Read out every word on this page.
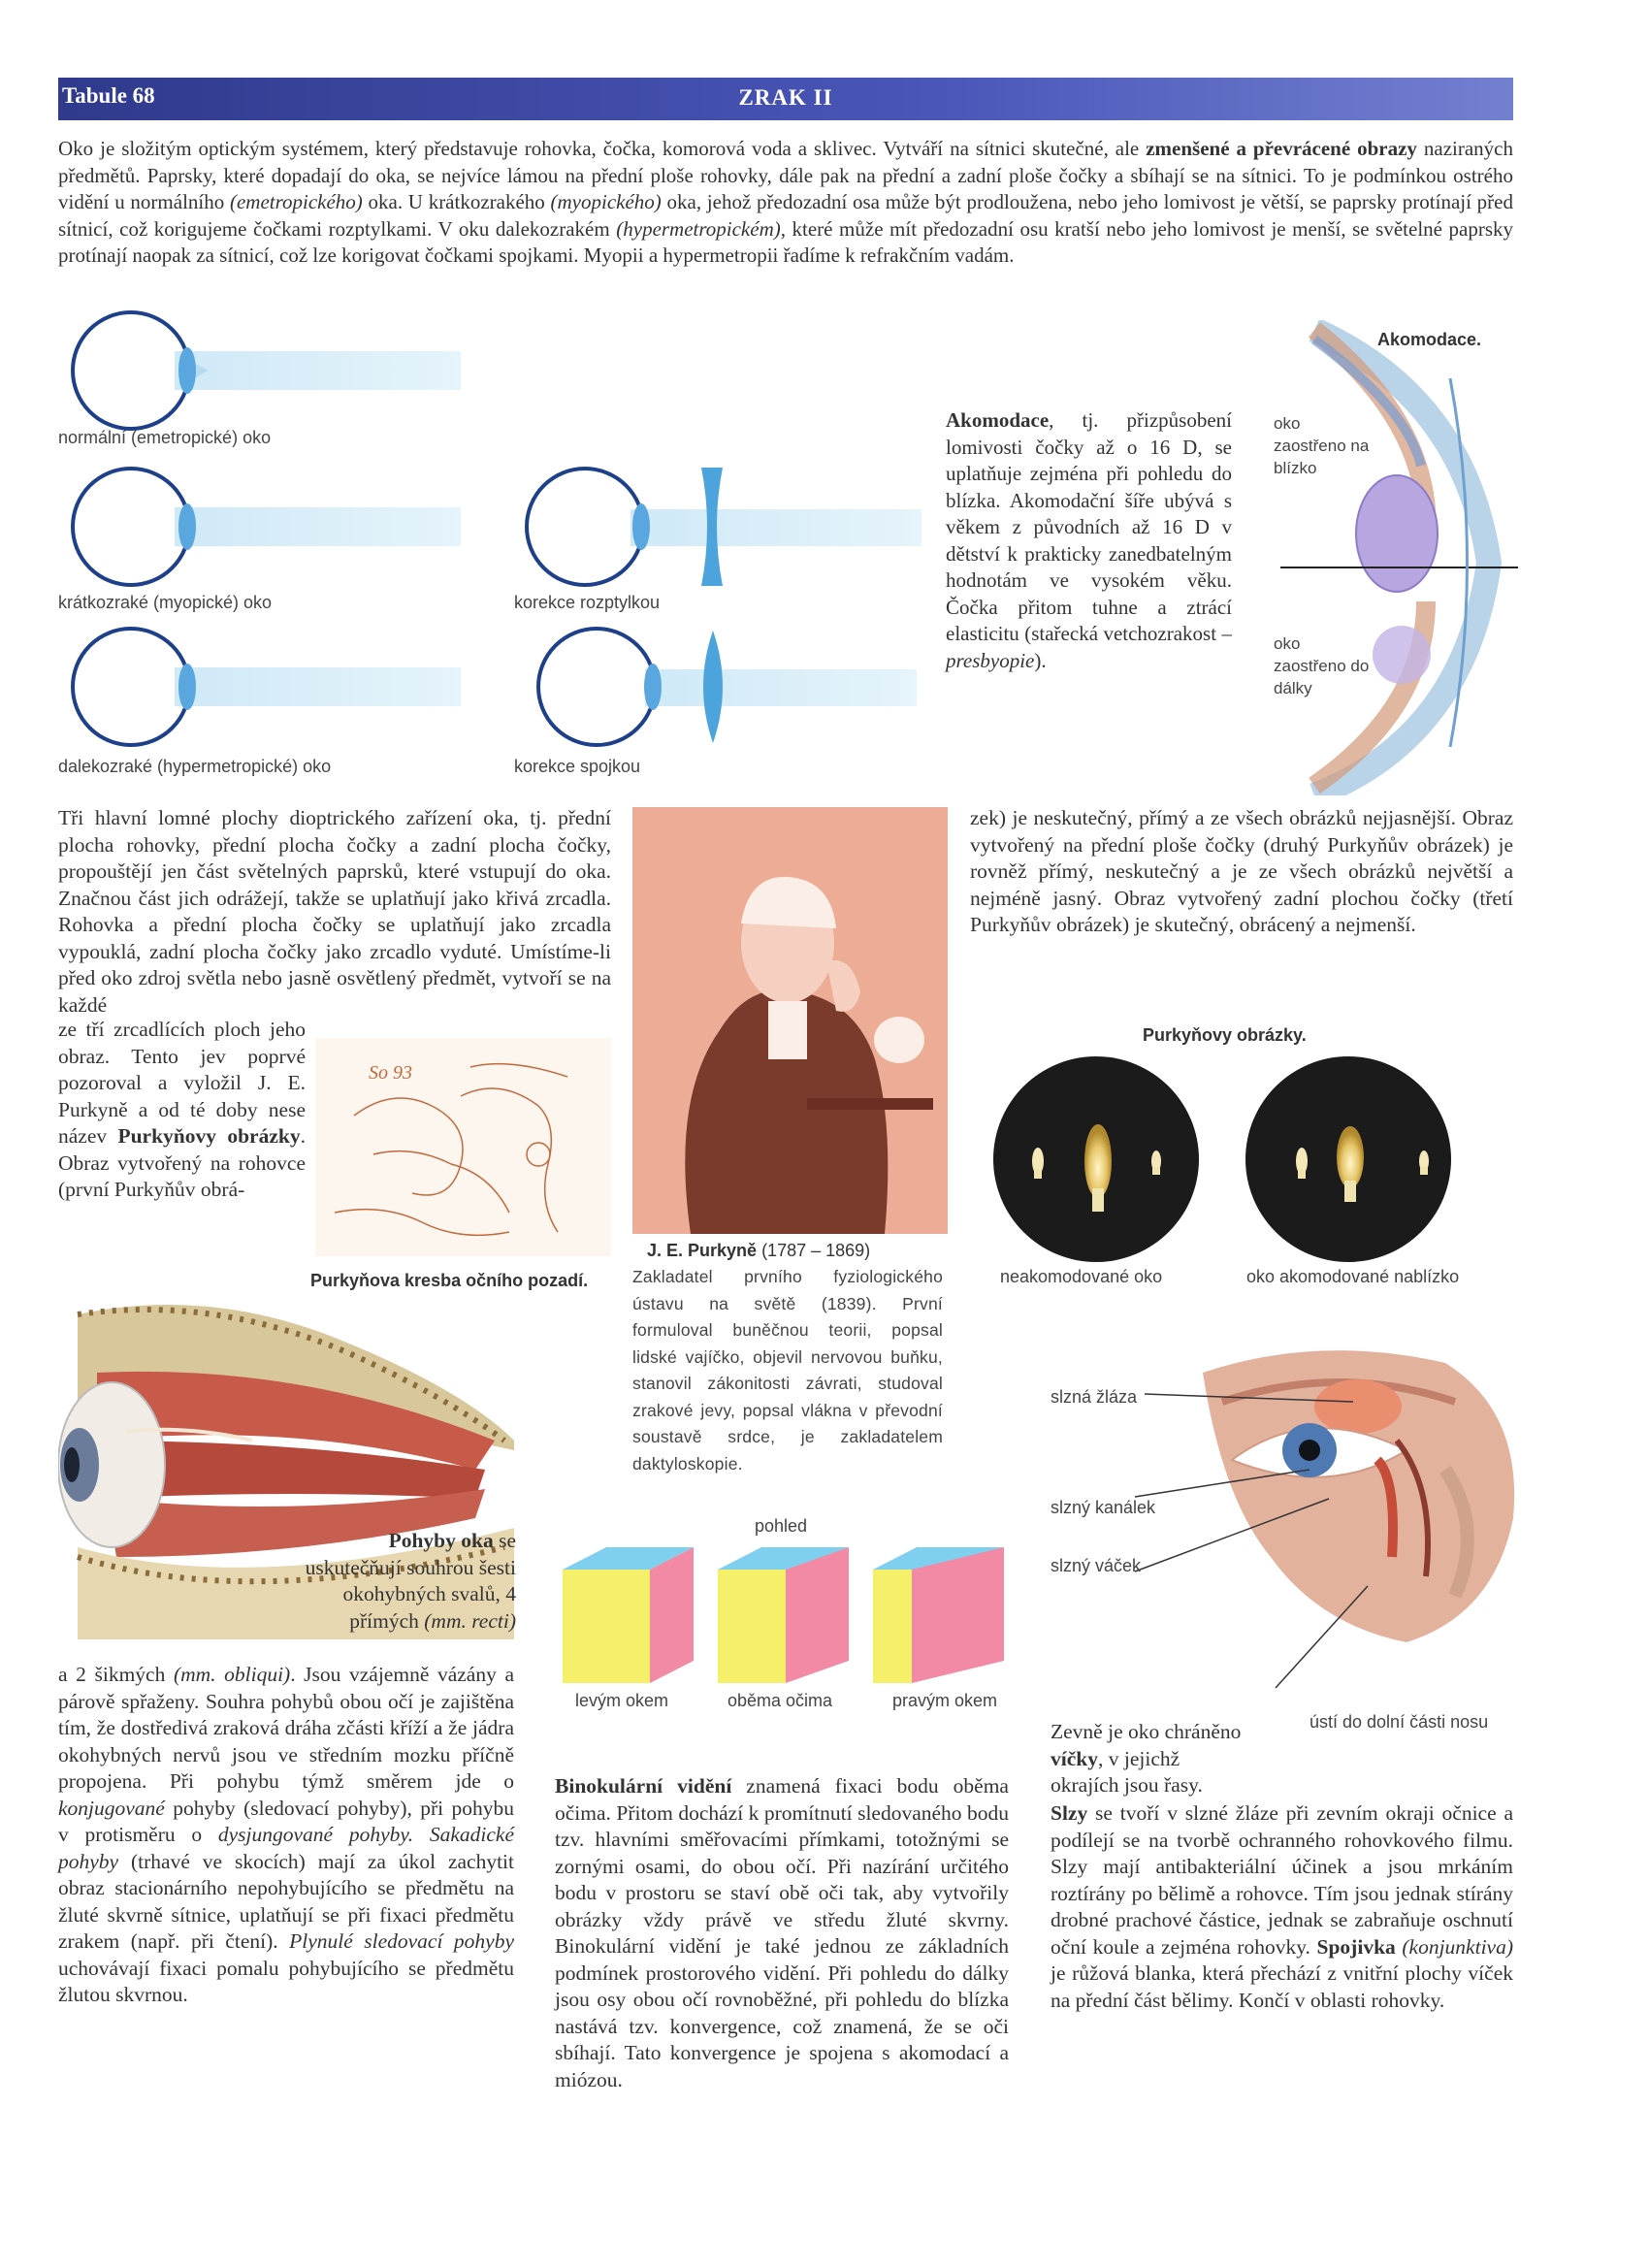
Tabule 68	ZRAK II
Oko je složitým optickým systémem, který představuje rohovka, čočka, komorová voda a sklivec. Vytváří na sítnici skutečné, ale zmenšené a převrácené obrazy naziraných předmětů. Paprsky, které dopadají do oka, se nejvíce lámou na přední ploše rohovky, dále pak na přední a zadní ploše čočky a sbíhají se na sítnici. To je podmínkou ostrého vidění u normálního (emetropického) oka. U krátkozrakého (myopického) oka, jehož předozadní osa může být prodloužena, nebo jeho lomivost je větší, se paprsky protínají před sítnicí, což korigujeme čočkami rozptylkami. V oku dalekozrakém (hypermetropickém), které může mít předozadní osu kratší nebo jeho lomivost je menší, se světelné paprsky protínají naopak za sítnicí, což lze korigovat čočkami spojkami. Myopii a hypermetropii řadíme k refrakčním vadám.
normální (emetropické) oko
krátkozraké (myopické) oko	korekce rozptylkou
dalekozraké (hypermetropické) oko	korekce spojkou
Akomodace, tj. přizpůsobení lomivosti čočky až o 16 D, se uplatňuje zejména při pohledu do blízka. Akomodační šíře ubývá s věkem z původních až 16 D v dětství k prakticky zanedbatelným hodnotám ve vysokém věku. Čočka přitom tuhne a ztrácí elasticitu (stařecká vetchozrakost – presbyopie).
Akomodace.
oko zaostřeno na blízko
oko zaostřeno do dálky
Tři hlavní lomné plochy dioptrického zařízení oka, tj. přední plocha rohovky, přední plocha čočky a zadní plocha čočky, propouštějí jen část světelných paprsků, které vstupují do oka. Značnou část jich odrážejí, takže se uplatňují jako křivá zrcadla. Rohovka a přední plocha čočky se uplatňují jako zrcadla vypouklá, zadní plocha čočky jako zrcadlo vyduté. Umístíme-li před oko zdroj světla nebo jasně osvětlený předmět, vytvoří se na každé
ze tří zrcadlících ploch jeho obraz. Tento jev poprvé pozoroval a vyložil J. E. Purkyně a od té doby nese název Purkyňovy obrázky. Obraz vytvořený na rohovce (první Purkyňův obrá-
So 93
Purkyňova kresba očního pozadí.
J. E. Purkyně (1787 – 1869)
Zakladatel prvního fyziologického ústavu na světě (1839). První formuloval buněčnou teorii, popsal lidské vajíčko, objevil nervovou buňku, stanovil zákonitosti závrati, studoval zrakové jevy, popsal vlákna v převodní soustavě srdce, je zakladatelem daktyloskopie.
zek) je neskutečný, přímý a ze všech obrázků nejjasnější. Obraz vytvořený na přední ploše čočky (druhý Purkyňův obrázek) je rovněž přímý, neskutečný a je ze všech obrázků největší a nejméně jasný. Obraz vytvořený zadní plochou čočky (třetí Purkyňův obrázek) je skutečný, obrácený a nejmenší.
Purkyňovy obrázky.
neakomodované oko	oko akomodované nablízko
Pohyby oka se uskutečňují souhrou šesti okohybných svalů, 4 přímých (mm. recti)
a 2 šikmých (mm. obliqui). Jsou vzájemně vázány a párově spřaženy. Souhra pohybů obou očí je zajištěna tím, že dostředivá zraková dráha zčásti kříží a že jádra okohybných nervů jsou ve středním mozku příčně propojena. Při pohybu týmž směrem jde o konjugované pohyby (sledovací pohyby), při pohybu v protisměru o dysjungované pohyby. Sakadické pohyby (trhavé ve skocích) mají za úkol zachytit obraz stacionárního nepohybujícího se předmětu na žluté skvrně sítnice, uplatňují se při fixaci předmětu zrakem (např. při čtení). Plynulé sledovací pohyby uchovávají fixaci pomalu pohybujícího se předmětu žlutou skvrnou.
pohled
levým okem	oběma očima	pravým okem
Binokulární vidění znamená fixaci bodu oběma očima. Přitom dochází k promítnutí sledovaného bodu tzv. hlavními směřovacími přímkami, totožnými se zornými osami, do obou očí. Při nazírání určitého bodu v prostoru se staví obě oči tak, aby vytvořily obrázky vždy právě ve středu žluté skvrny. Binokulární vidění je také jednou ze základních podmínek prostorového vidění. Při pohledu do dálky jsou osy obou očí rovnoběžné, při pohledu do blízka nastává tzv. konvergence, což znamená, že se oči sbíhají. Tato konvergence je spojena s akomodací a miózou.
slzná žláza
slzný kanálek
slzný váček
ústí do dolní části nosu
Zevně je oko chráněno víčky, v jejichž okrajích jsou řasy.
Slzy se tvoří v slzné žláze při zevním okraji očnice a podílejí se na tvorbě ochranného rohovkového filmu. Slzy mají antibakteriální účinek a jsou mrkáním roztírány po bělimě a rohovce. Tím jsou jednak stírány drobné prachové částice, jednak se zabraňuje oschnutí oční koule a zejména rohovky. Spojivka (konjunktiva) je růžová blanka, která přechází z vnitřní plochy víček na přední část bělimy. Končí v oblasti rohovky.
